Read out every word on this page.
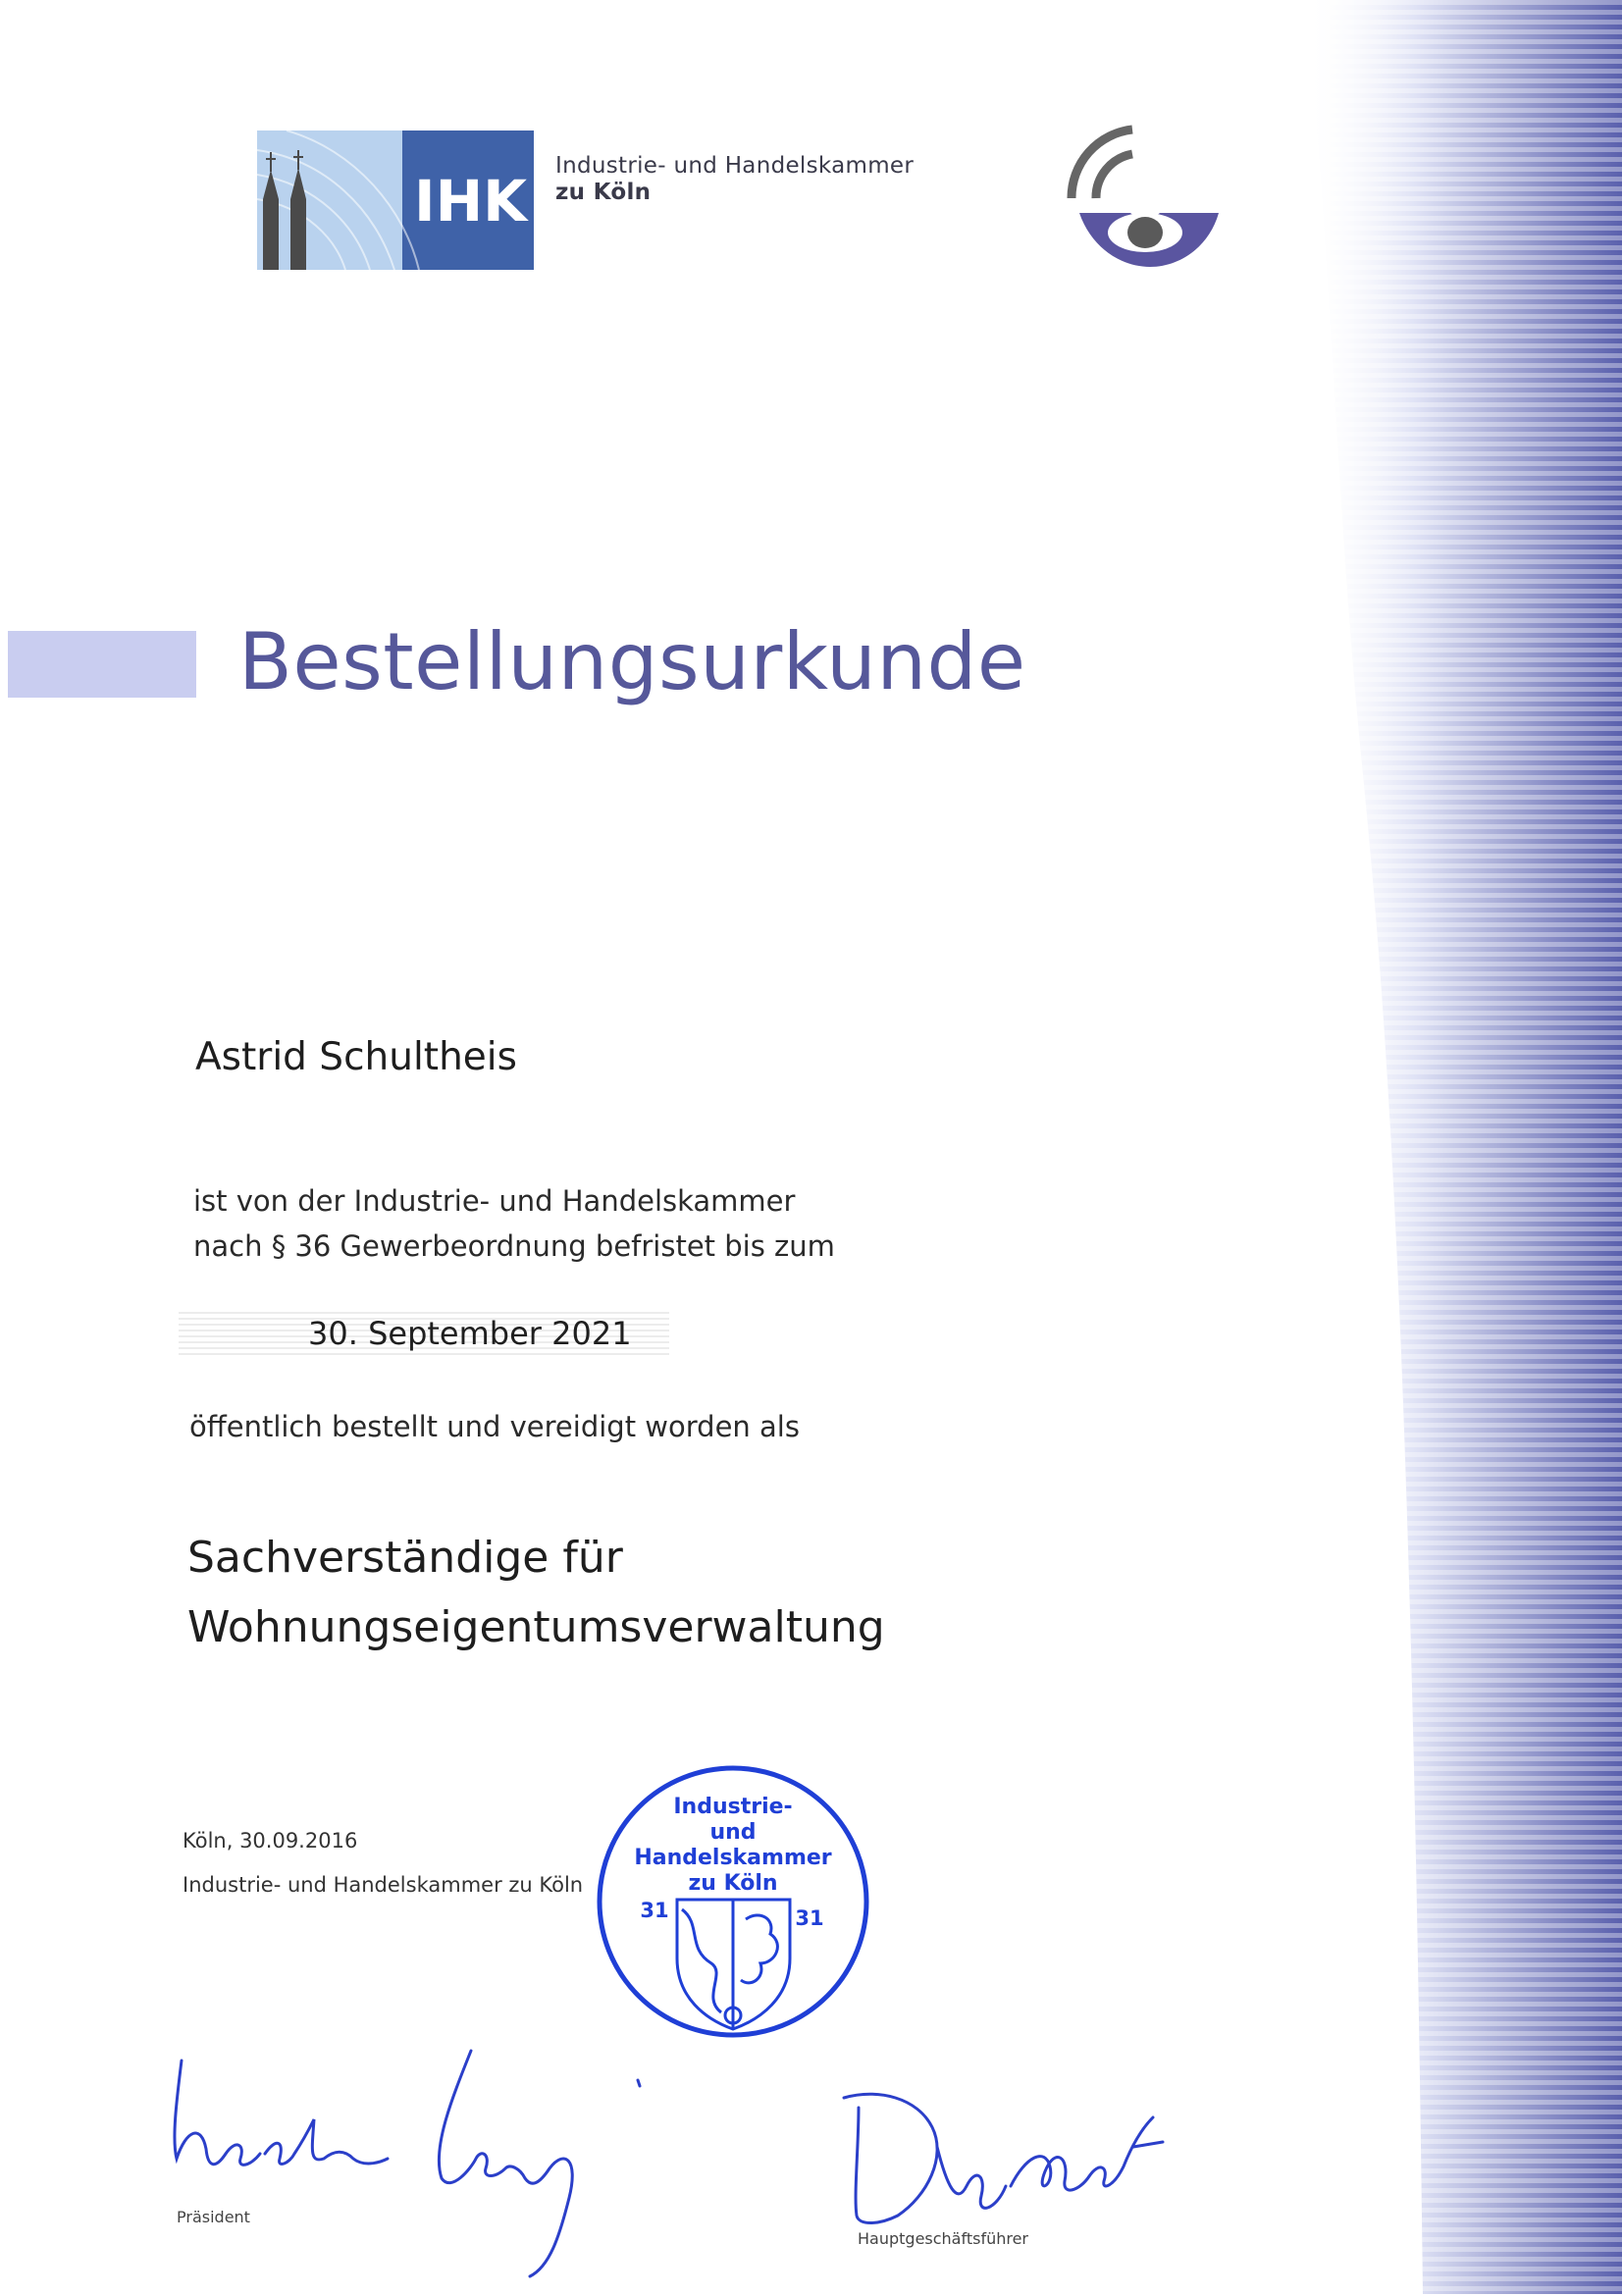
IHK
Industrie- und Handelskammer
zu Köln
Bestellungsurkunde
Astrid Schultheis
ist von der Industrie- und Handelskammer
nach § 36 Gewerbeordnung befristet bis zum
30. September 2021
öffentlich bestellt und vereidigt worden als
Sachverständige für
Wohnungseigentumsverwaltung
Köln, 30.09.2016
Industrie- und Handelskammer zu Köln
Industrie-
und
Handelskammer
zu Köln
31	31
Präsident
Hauptgeschäftsführer
